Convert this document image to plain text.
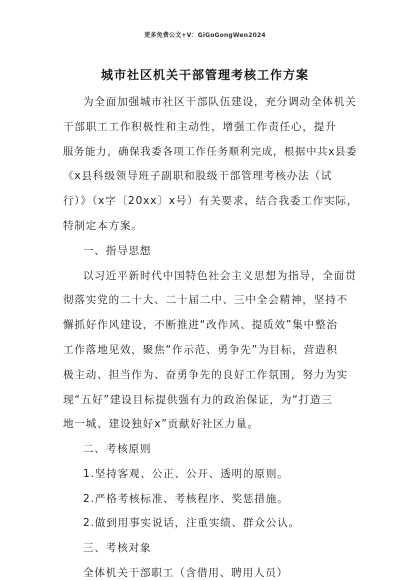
更多免费公文+V：GiGoGongWen2024
城市社区机关干部管理考核工作方案
为全面加强城市社区干部队伍建设，充分调动全体机关
干部职工工作积极性和主动性，增强工作责任心，提升
服务能力，确保我委各项工作任务顺利完成，根据中共x县委
《x县科级领导班子副职和股级干部管理考核办法（试
行）》（x字〔20xx〕x号）有关要求，结合我委工作实际，
特制定本方案。
一、指导思想
以习近平新时代中国特色社会主义思想为指导，全面贯
彻落实党的二十大、二十届二中、三中全会精神，坚持不
懈抓好作风建设，不断推进“改作风、提质效”集中整治
工作落地见效，聚焦“作示范、勇争先”为目标，营造积
极主动、担当作为、奋勇争先的良好工作氛围，努力为实
现“五好”建设目标提供强有力的政治保证，为“打造三
地一城、建设独好x”贡献好社区力量。
二、考核原则
1.坚持客观、公正、公开、透明的原则。
2.严格考核标准、考核程序、奖惩措施。
2.做到用事实说话，注重实绩、群众公认。
三、考核对象
全体机关干部职工（含借用、聘用人员）
